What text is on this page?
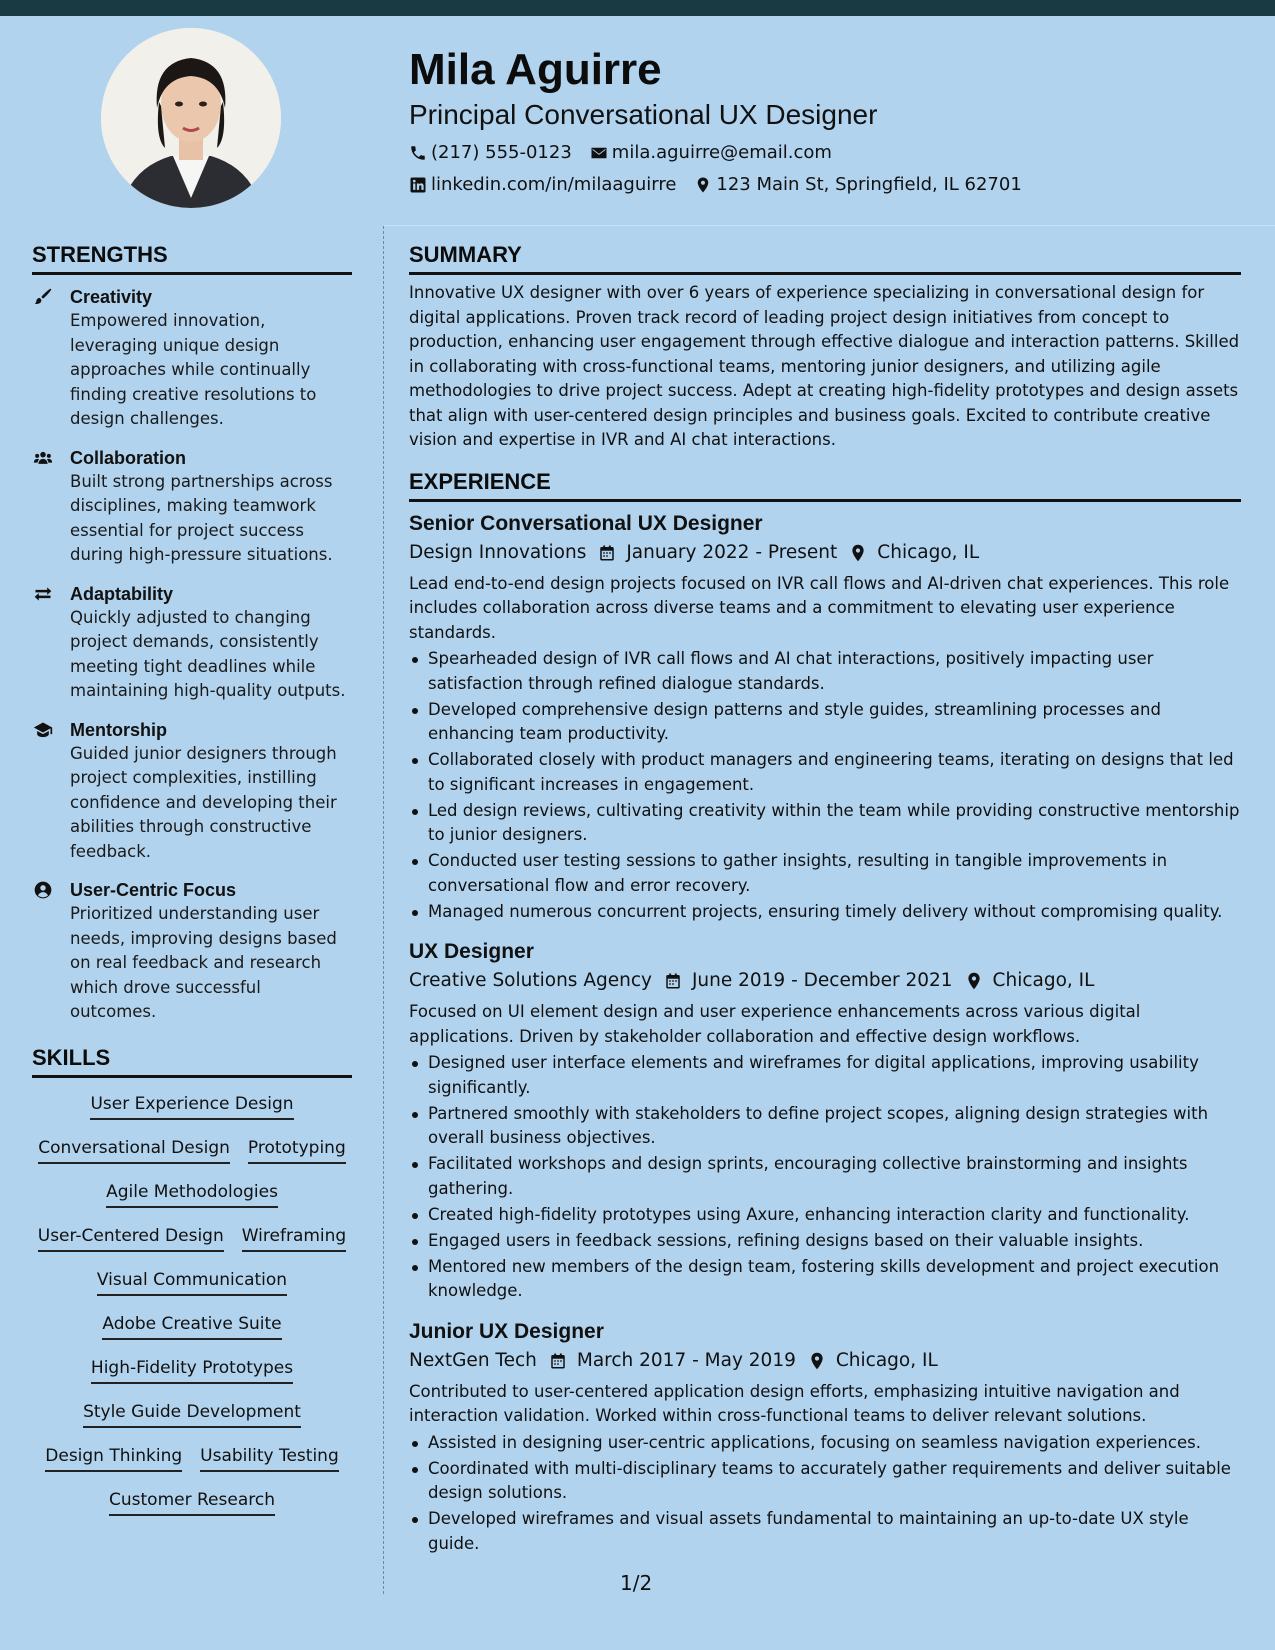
Mila Aguirre
Principal Conversational UX Designer
(217) 555-0123 mila.aguirre@email.com
linkedin.com/in/milaaguirre 123 Main St, Springfield, IL 62701
STRENGTHS
Creativity
Empowered innovation, leveraging unique design approaches while continually finding creative resolutions to design challenges.
Collaboration
Built strong partnerships across disciplines, making teamwork essential for project success during high-pressure situations.
Adaptability
Quickly adjusted to changing project demands, consistently meeting tight deadlines while maintaining high-quality outputs.
Mentorship
Guided junior designers through project complexities, instilling confidence and developing their abilities through constructive feedback.
User-Centric Focus
Prioritized understanding user needs, improving designs based on real feedback and research which drove successful outcomes.
SKILLS
User Experience Design
Conversational Design Prototyping
Agile Methodologies
User-Centered Design Wireframing
Visual Communication
Adobe Creative Suite
High-Fidelity Prototypes
Style Guide Development
Design Thinking Usability Testing
Customer Research
SUMMARY

Innovative UX designer with over 6 years of experience specializing in conversational design for digital applications. Proven track record of leading project design initiatives from concept to production, enhancing user engagement through effective dialogue and interaction patterns. Skilled in collaborating with cross-functional teams, mentoring junior designers, and utilizing agile methodologies to drive project success. Adept at creating high-fidelity prototypes and design assets that align with user-centered design principles and business goals. Excited to contribute creative vision and expertise in IVR and AI chat interactions.

EXPERIENCE
Senior Conversational UX Designer
Design Innovations January 2022 - Present Chicago, IL

Lead end-to-end design projects focused on IVR call flows and AI-driven chat experiences. This role includes collaboration across diverse teams and a commitment to elevating user experience standards.

Spearheaded design of IVR call flows and AI chat interactions, positively impacting user satisfaction through refined dialogue standards.
Developed comprehensive design patterns and style guides, streamlining processes and enhancing team productivity.
Collaborated closely with product managers and engineering teams, iterating on designs that led to significant increases in engagement.
Led design reviews, cultivating creativity within the team while providing constructive mentorship to junior designers.
Conducted user testing sessions to gather insights, resulting in tangible improvements in conversational flow and error recovery.
Managed numerous concurrent projects, ensuring timely delivery without compromising quality.
UX Designer
Creative Solutions Agency June 2019 - December 2021 Chicago, IL

Focused on UI element design and user experience enhancements across various digital applications. Driven by stakeholder collaboration and effective design workflows.

Designed user interface elements and wireframes for digital applications, improving usability significantly.
Partnered smoothly with stakeholders to define project scopes, aligning design strategies with overall business objectives.
Facilitated workshops and design sprints, encouraging collective brainstorming and insights gathering.
Created high-fidelity prototypes using Axure, enhancing interaction clarity and functionality.
Engaged users in feedback sessions, refining designs based on their valuable insights.
Mentored new members of the design team, fostering skills development and project execution knowledge.
Junior UX Designer
NextGen Tech March 2017 - May 2019 Chicago, IL

Contributed to user-centered application design efforts, emphasizing intuitive navigation and interaction validation. Worked within cross-functional teams to deliver relevant solutions.

Assisted in designing user-centric applications, focusing on seamless navigation experiences.
Coordinated with multi-disciplinary teams to accurately gather requirements and deliver suitable design solutions.
Developed wireframes and visual assets fundamental to maintaining an up-to-date UX style guide.
1/2
